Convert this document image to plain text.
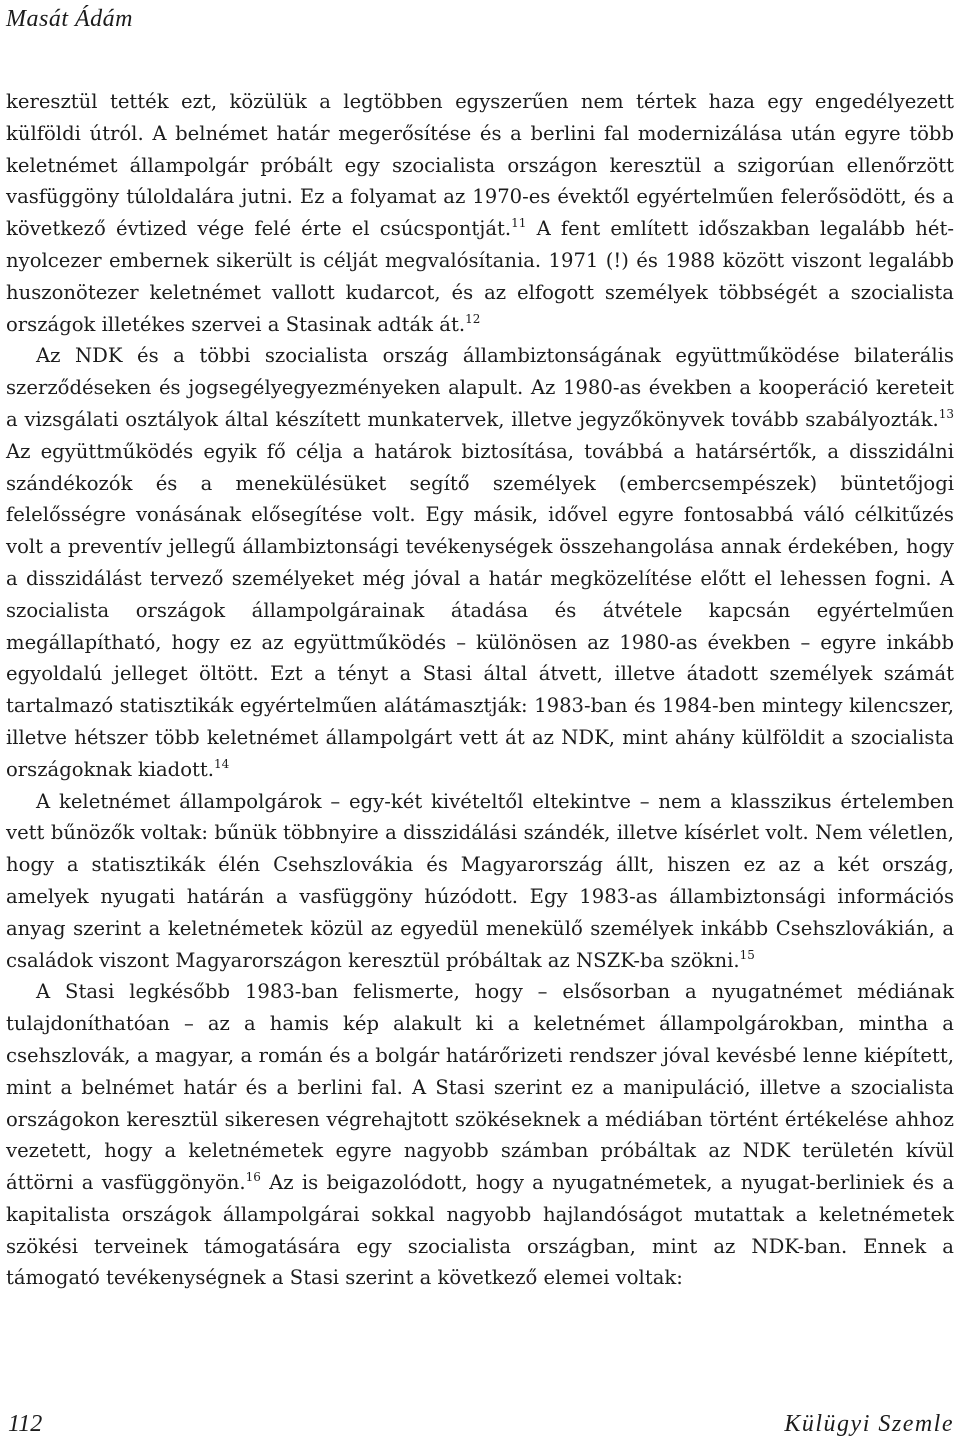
Masát Ádám

keresztül tették ezt, közülük a legtöbben egyszerűen nem tértek haza egy engedélyezett külföldi útról. A belnémet határ megerősítése és a berlini fal modernizálása után egyre több keletnémet állampolgár próbált egy szocialista országon keresztül a szigorúan ellenőrzött vasfüggöny túloldalára jutni. Ez a folyamat az 1970-es évektől egyértelműen felerősödött, és a következő évtized vége felé érte el csúcspontját.$^{11}$ A fent említett időszakban legalább hét-nyolcezer embernek sikerült is célját megvalósítania. 1971 (!) és 1988 között viszont legalább huszonötezer keletnémet vallott kudarcot, és az elfogott személyek többségét a szocialista országok illetékes szervei a Stasinak adták át.$^{12}$

Az NDK és a többi szocialista ország állambiztonságának együttműködése bilaterális szerződéseken és jogsegélyegyezményeken alapult. Az 1980-as években a kooperáció kereteit a vizsgálati osztályok által készített munkatervek, illetve jegyzőkönyvek tovább szabályozták.$^{13}$ Az együttműködés egyik fő célja a határok biztosítása, továbbá a határsértők, a disszidálni szándékozók és a menekülésüket segítő személyek (embercsempészek) büntetőjogi felelősségre vonásának elősegítése volt. Egy másik, idővel egyre fontosabbá váló célkitűzés volt a preventív jellegű állambiztonsági tevékenységek összehangolása annak érdekében, hogy a disszidálást tervező személyeket még jóval a határ megközelítése előtt el lehessen fogni. A szocialista országok állampolgárainak átadása és átvétele kapcsán egyértelműen megállapítható, hogy ez az együttműködés – különösen az 1980-as években – egyre inkább egyoldalú jelleget öltött. Ezt a tényt a Stasi által átvett, illetve átadott személyek számát tartalmazó statisztikák egyértelműen alátámasztják: 1983-ban és 1984-ben mintegy kilencszer, illetve hétszer több keletnémet állampolgárt vett át az NDK, mint ahány külföldit a szocialista országoknak kiadott.$^{14}$

A keletnémet állampolgárok – egy-két kivételtől eltekintve – nem a klasszikus értelemben vett bűnözők voltak: bűnük többnyire a disszidálási szándék, illetve kísérlet volt. Nem véletlen, hogy a statisztikák élén Csehszlovákia és Magyarország állt, hiszen ez az a két ország, amelyek nyugati határán a vasfüggöny húzódott. Egy 1983-as állambiztonsági információs anyag szerint a keletnémetek közül az egyedül menekülő személyek inkább Csehszlovákián, a családok viszont Magyarországon keresztül próbáltak az NSZK-ba szökni.$^{15}$

A Stasi legkésőbb 1983-ban felismerte, hogy – elsősorban a nyugatnémet médiának tulajdoníthatóan – az a hamis kép alakult ki a keletnémet állampolgárokban, mintha a csehszlovák, a magyar, a román és a bolgár határőrizeti rendszer jóval kevésbé lenne kiépített, mint a belnémet határ és a berlini fal. A Stasi szerint ez a manipuláció, illetve a szocialista országokon keresztül sikeresen végrehajtott szökéseknek a médiában történt értékelése ahhoz vezetett, hogy a keletnémetek egyre nagyobb számban próbáltak az NDK területén kívül áttörni a vasfüggönyön.$^{16}$ Az is beigazolódott, hogy a nyugatnémetek, a nyugat-berliniek és a kapitalista országok állampolgárai sokkal nagyobb hajlandóságot mutattak a keletnémetek szökési terveinek támogatására egy szocialista országban, mint az NDK-ban. Ennek a támogató tevékenységnek a Stasi szerint a következő elemei voltak:

112	Külügyi Szemle
